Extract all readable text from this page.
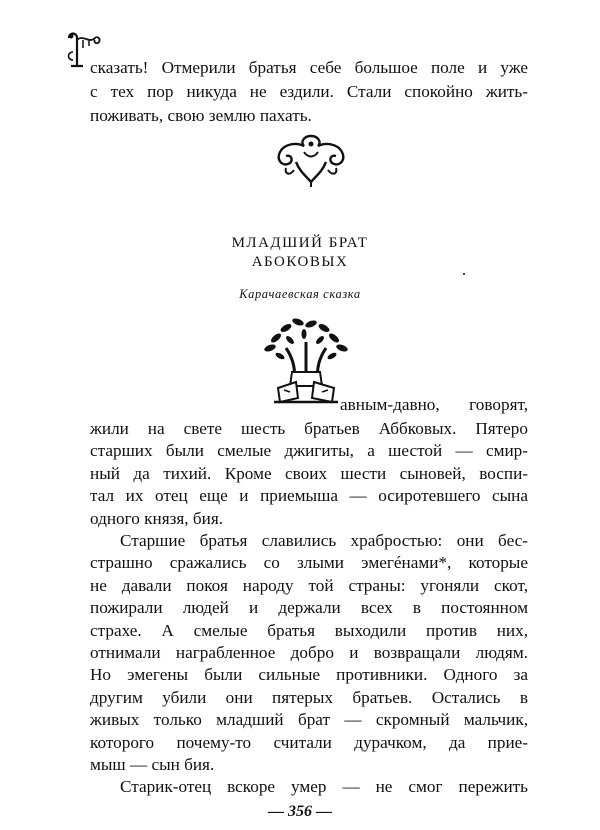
сказать! Отмерили братья себе большое поле и уже
с тех пор никуда не ездили. Стали спокойно жить-
поживать, свою землю пахать.
МЛАДШИЙ БРАТ
АБОКОВЫХ
Карачаевская сказка
авным-давно, говорят,
жили на свете шесть братьев Аббковых. Пятеро
старших были смелые джигиты, а шестой — смир-
ный да тихий. Кроме своих шести сыновей, воспи-
тал их отец еще и приемыша — осиротевшего сына
одного князя, бия.
Старшие братья славились храбростью: они бес-
страшно сражались со злыми эмегéнами*, которые
не давали покоя народу той страны: угоняли скот,
пожирали людей и держали всех в постоянном
страхе. А смелые братья выходили против них,
отнимали награбленное добро и возвращали людям.
Но эмегены были сильные противники. Одного за
другим убили они пятерых братьев. Остались в
живых только младший брат — скромный мальчик,
которого почему-то считали дурачком, да прие-
мыш — сын бия.
Старик-отец вскоре умер — не смог пережить
— 356 —
